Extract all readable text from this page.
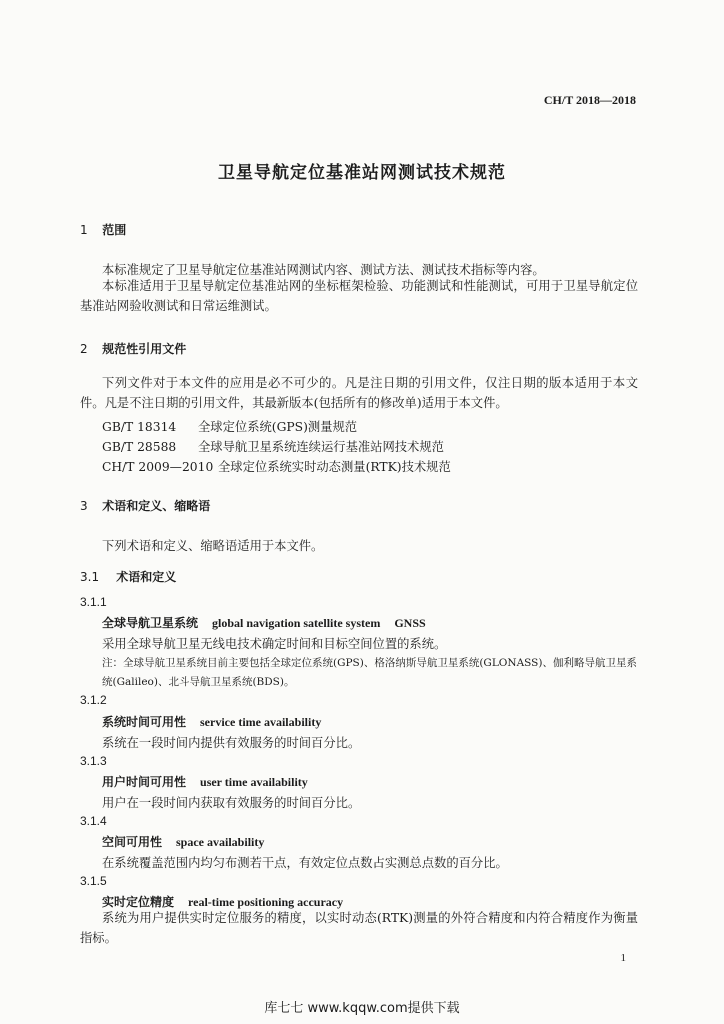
CH/T 2018—2018
卫星导航定位基准站网测试技术规范
1 范围
本标准规定了卫星导航定位基准站网测试内容、测试方法、测试技术指标等内容。
本标准适用于卫星导航定位基准站网的坐标框架检验、功能测试和性能测试，可用于卫星导航定位基准站网验收测试和日常运维测试。
2 规范性引用文件
下列文件对于本文件的应用是必不可少的。凡是注日期的引用文件，仅注日期的版本适用于本文件。凡是不注日期的引用文件，其最新版本(包括所有的修改单)适用于本文件。
GB/T 18314 全球定位系统(GPS)测量规范
GB/T 28588 全球导航卫星系统连续运行基准站网技术规范
CH/T 2009—2010 全球定位系统实时动态测量(RTK)技术规范
3 术语和定义、缩略语
下列术语和定义、缩略语适用于本文件。
3.1 术语和定义
3.1.1
全球导航卫星系统 global navigation satellite system GNSS
采用全球导航卫星无线电技术确定时间和目标空间位置的系统。
注：全球导航卫星系统目前主要包括全球定位系统(GPS)、格洛纳斯导航卫星系统(GLONASS)、伽利略导航卫星系统(Galileo)、北斗导航卫星系统(BDS)。
3.1.2
系统时间可用性 service time availability
系统在一段时间内提供有效服务的时间百分比。
3.1.3
用户时间可用性 user time availability
用户在一段时间内获取有效服务的时间百分比。
3.1.4
空间可用性 space availability
在系统覆盖范围内均匀布测若干点，有效定位点数占实测总点数的百分比。
3.1.5
实时定位精度 real-time positioning accuracy
系统为用户提供实时定位服务的精度，以实时动态(RTK)测量的外符合精度和内符合精度作为衡量指标。
1
库七七 www.kqqw.com提供下载
